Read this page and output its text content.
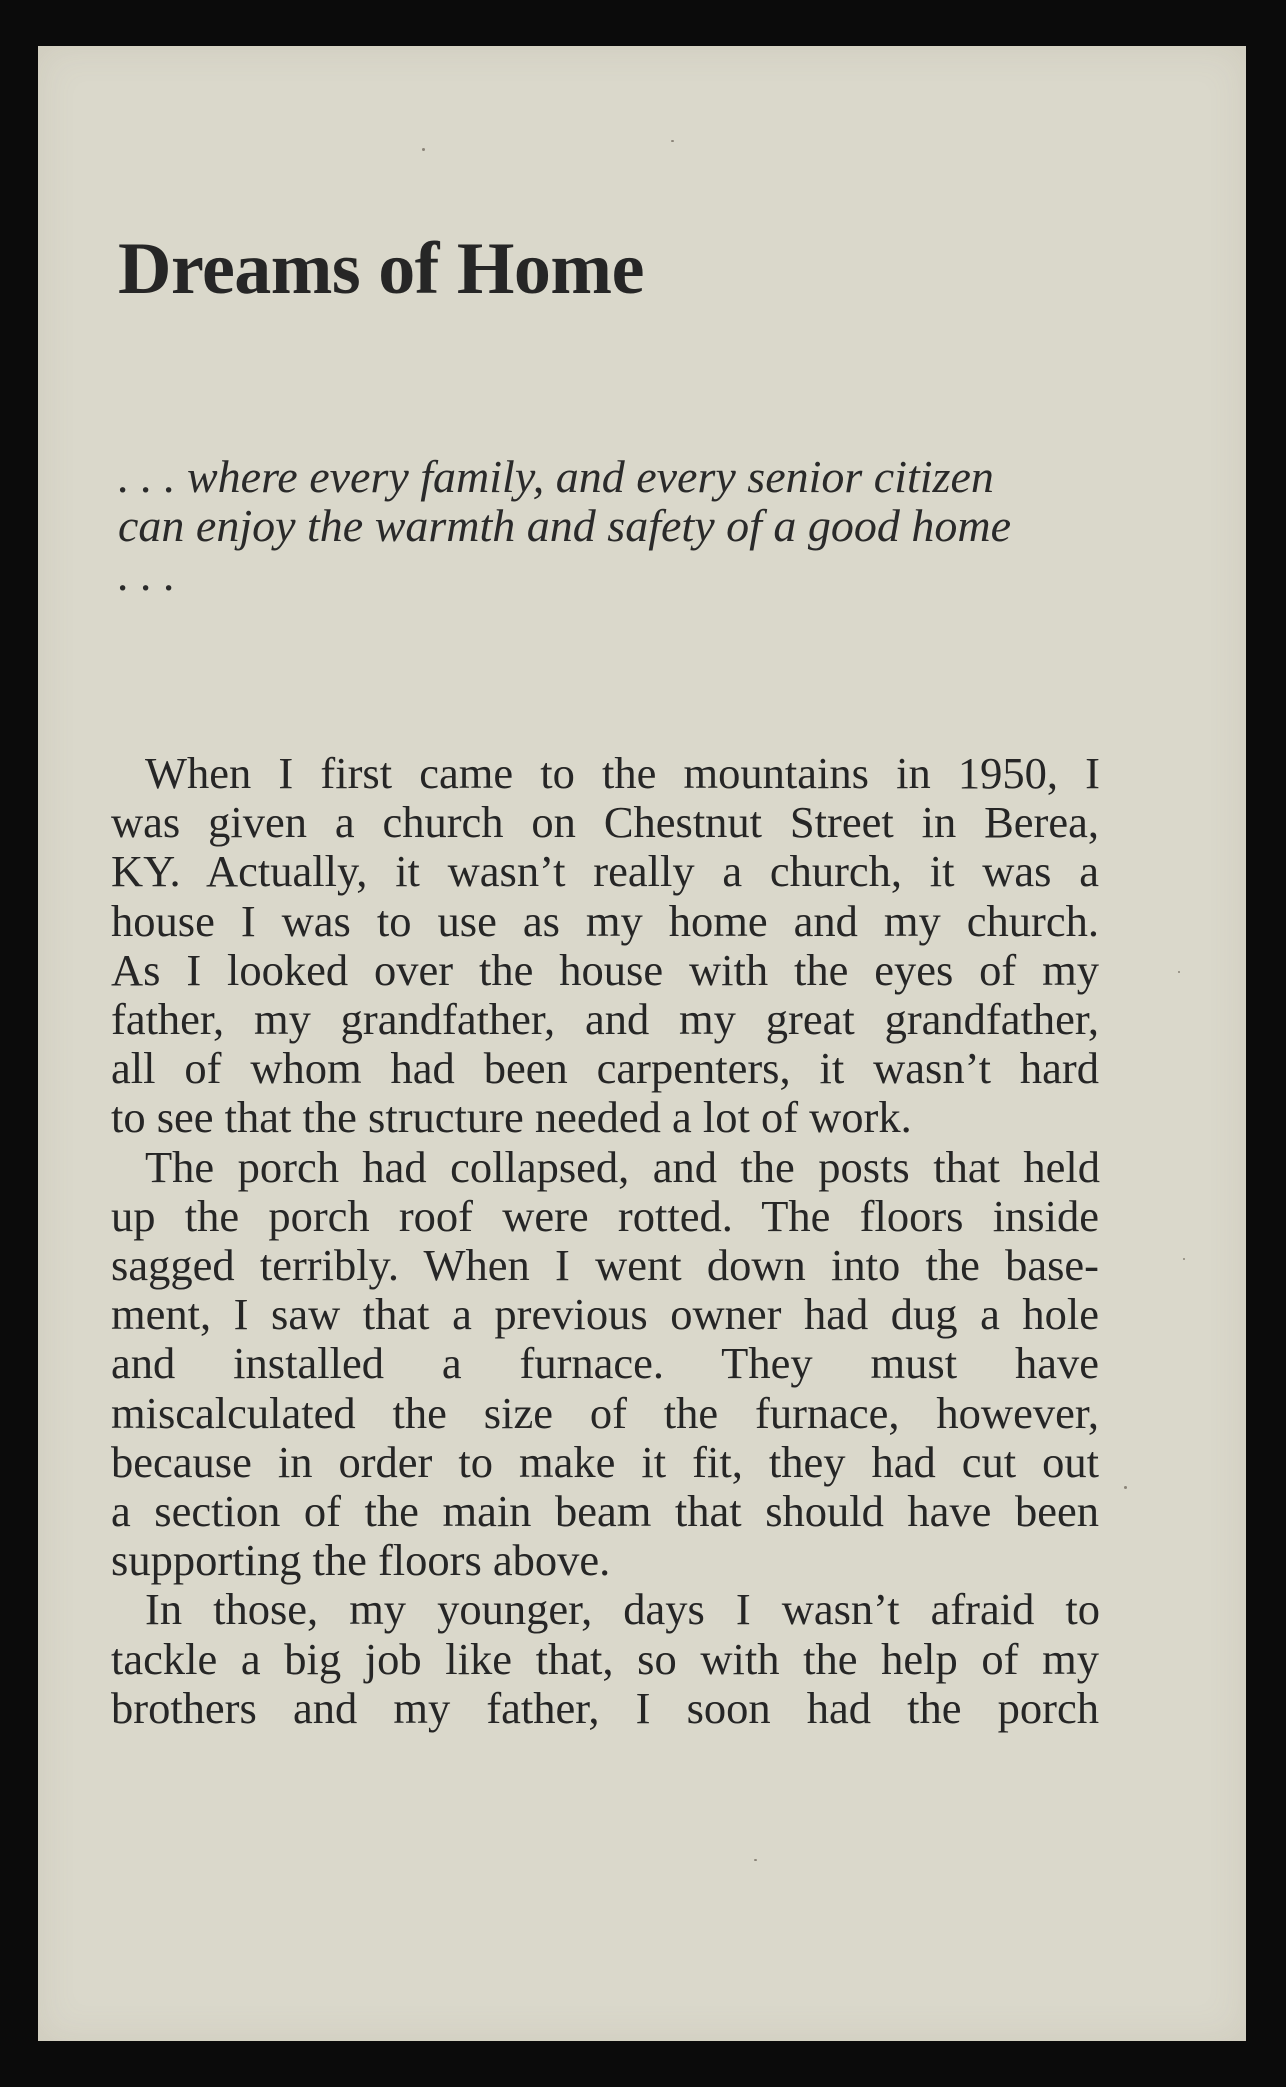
Dreams of Home
. . . where every family, and every senior citizen
can enjoy the warmth and safety of a good home
. . .
When I first came to the mountains in 1950, I
was given a church on Chestnut Street in Berea,
KY. Actually, it wasn’t really a church, it was a
house I was to use as my home and my church.
As I looked over the house with the eyes of my
father, my grandfather, and my great grandfather,
all of whom had been carpenters, it wasn’t hard
to see that the structure needed a lot of work.
The porch had collapsed, and the posts that held
up the porch roof were rotted. The floors inside
sagged terribly. When I went down into the base-
ment, I saw that a previous owner had dug a hole
and installed a furnace. They must have
miscalculated the size of the furnace, however,
because in order to make it fit, they had cut out
a section of the main beam that should have been
supporting the floors above.
In those, my younger, days I wasn’t afraid to
tackle a big job like that, so with the help of my
brothers and my father, I soon had the porch
